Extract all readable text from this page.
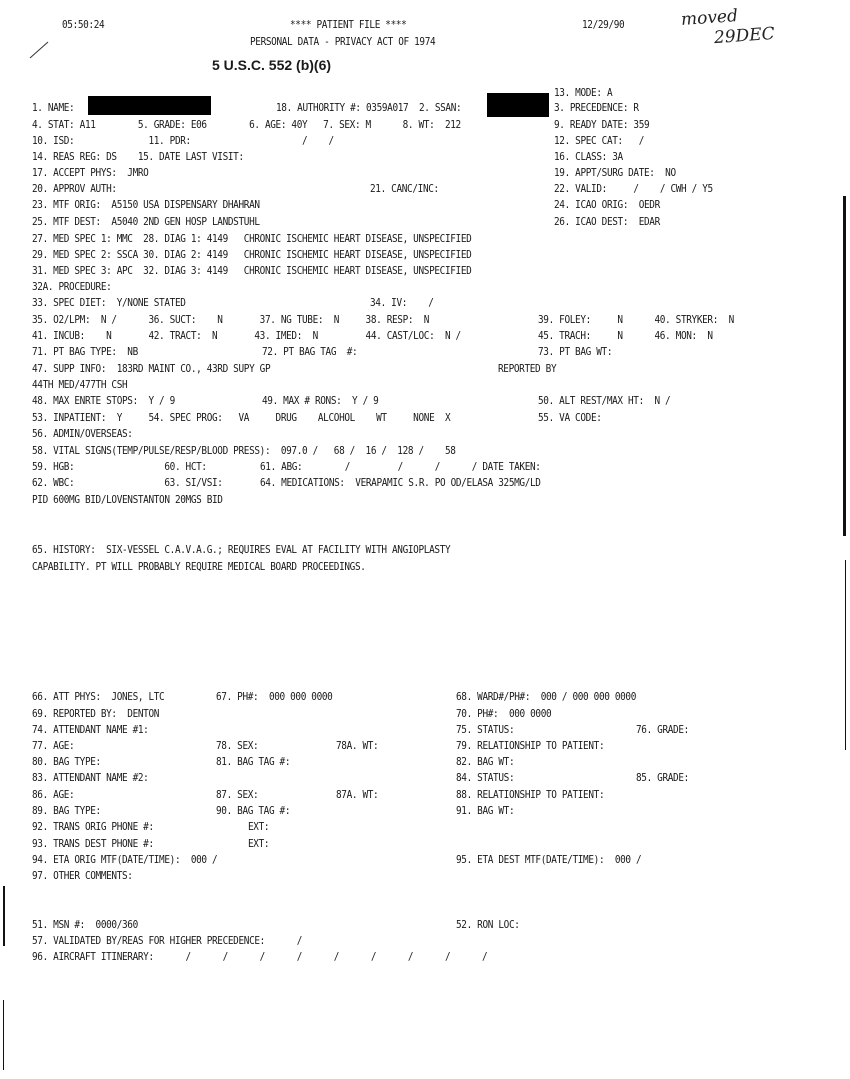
05:50:24	**** PATIENT FILE ****
PERSONAL DATA - PRIVACY ACT OF 1974
12/29/90	moved
29DEC
5 U.S.C. 552 (b)(6)
13. MODE: A
1. NAME:	18. AUTHORITY #: 0359A017  2. SSAN:	3. PRECEDENCE: R
4. STAT: A11        5. GRADE: E06        6. AGE: 40Y   7. SEX: M      8. WT:  212	9. READY DATE: 359
10. ISD:              11. PDR:                     /    /	12. SPEC CAT:   /
14. REAS REG: DS    15. DATE LAST VISIT:	16. CLASS: 3A
17. ACCEPT PHYS:  JMRO	19. APPT/SURG DATE:  NO
20. APPROV AUTH:	21. CANC/INC:	22. VALID:     /    / CWH / Y5
23. MTF ORIG:  A5150 USA DISPENSARY DHAHRAN	24. ICAO ORIG:  OEDR
25. MTF DEST:  A5040 2ND GEN HOSP LANDSTUHL	26. ICAO DEST:  EDAR
27. MED SPEC 1: MMC  28. DIAG 1: 4149   CHRONIC ISCHEMIC HEART DISEASE, UNSPECIFIED
29. MED SPEC 2: SSCA 30. DIAG 2: 4149   CHRONIC ISCHEMIC HEART DISEASE, UNSPECIFIED
31. MED SPEC 3: APC  32. DIAG 3: 4149   CHRONIC ISCHEMIC HEART DISEASE, UNSPECIFIED
32A. PROCEDURE:
33. SPEC DIET:  Y/NONE STATED	34. IV:    /
35. O2/LPM:  N /      36. SUCT:    N       37. NG TUBE:  N     38. RESP:  N	39. FOLEY:     N      40. STRYKER:  N
41. INCUB:    N       42. TRACT:  N       43. IMED:  N         44. CAST/LOC:  N /	45. TRACH:     N      46. MON:  N
71. PT BAG TYPE:  NB	72. PT BAG TAG  #:	73. PT BAG WT:
47. SUPP INFO:  183RD MAINT CO., 43RD SUPY GP	REPORTED BY
44TH MED/477TH CSH
48. MAX ENRTE STOPS:  Y / 9	49. MAX # RONS:  Y / 9	50. ALT REST/MAX HT:  N /
53. INPATIENT:  Y     54. SPEC PROG:   VA     DRUG    ALCOHOL    WT     NONE  X	55. VA CODE:
56. ADMIN/OVERSEAS:
58. VITAL SIGNS(TEMP/PULSE/RESP/BLOOD PRESS):  097.0 /   68 /  16 /  128 /    58
59. HGB:                 60. HCT:	61. ABG:        /         /      /      / DATE TAKEN:
62. WBC:                 63. SI/VSI:	64. MEDICATIONS:  VERAPAMIC S.R. PO OD/ELASA 325MG/LD
PID 600MG BID/LOVENSTANTON 20MGS BID
65. HISTORY:  SIX-VESSEL C.A.V.A.G.; REQUIRES EVAL AT FACILITY WITH ANGIOPLASTY
CAPABILITY. PT WILL PROBABLY REQUIRE MEDICAL BOARD PROCEEDINGS.
66. ATT PHYS:  JONES, LTC	67. PH#:  000 000 0000	68. WARD#/PH#:  000 / 000 000 0000
69. REPORTED BY:  DENTON	70. PH#:  000 0000
74. ATTENDANT NAME #1:	75. STATUS:	76. GRADE:
77. AGE:	78. SEX:	78A. WT:	79. RELATIONSHIP TO PATIENT:
80. BAG TYPE:	81. BAG TAG #:	82. BAG WT:
83. ATTENDANT NAME #2:	84. STATUS:	85. GRADE:
86. AGE:	87. SEX:	87A. WT:	88. RELATIONSHIP TO PATIENT:
89. BAG TYPE:	90. BAG TAG #:	91. BAG WT:
92. TRANS ORIG PHONE #:	EXT:
93. TRANS DEST PHONE #:	EXT:
94. ETA ORIG MTF(DATE/TIME):  000 /	95. ETA DEST MTF(DATE/TIME):  000 /
97. OTHER COMMENTS:
51. MSN #:  0000/360	52. RON LOC:
57. VALIDATED BY/REAS FOR HIGHER PRECEDENCE:      /
96. AIRCRAFT ITINERARY:      /      /      /      /      /      /      /      /      /
